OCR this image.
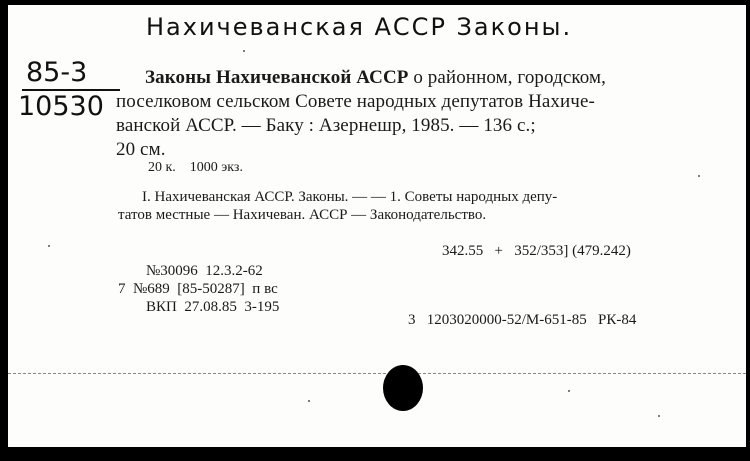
Нахичеванская АССР Законы.
85-3
10530
Законы Нахичеванской АССР о районном, городском,
поселковом сельском Совете народных депутатов Нахиче-
ванской АССР. — Баку : Азернешр, 1985. — 136 с.;
20 см.
20 к.    1000 экз.
I. Нахичеванская АССР. Законы. — — 1. Советы народных депу-
татов местные — Нахичеван. АССР — Законодательство.
342.55   +   352/353] (479.242)
№30096  12.3.2-62
7  №689  [85-50287]  п вс
ВКП  27.08.85  3-195
3   1203020000-52/М-651-85   РК-84
